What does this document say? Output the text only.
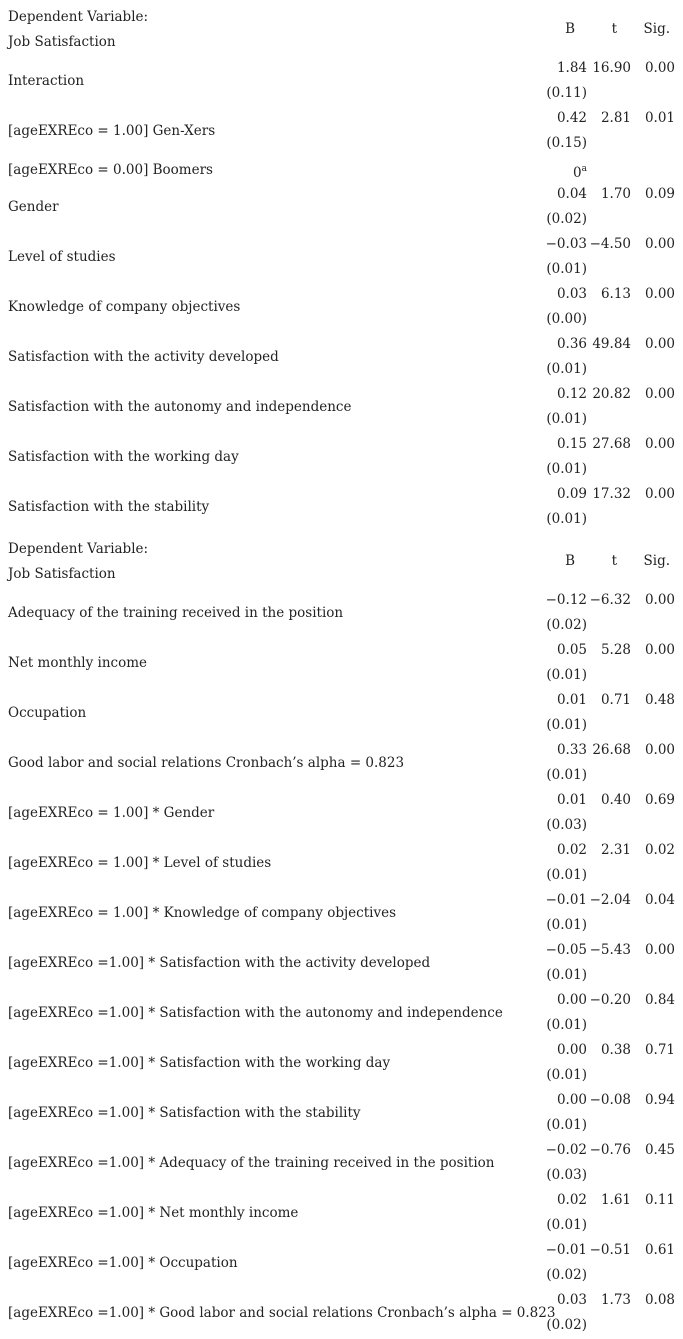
Dependent Variable:
Job Satisfaction
B	t Sig.
Interaction
1.84 16.90 0.00
(0.11)
[ageEXREco = 1.00] Gen-Xers
0.42 2.81 0.01
(0.15)
[ageEXREco = 0.00] Boomers	0$^a$
Gender
0.04 1.70 0.09
(0.02)
Level of studies
−0.03 −4.50 0.00
(0.01)
Knowledge of company objectives
0.03 6.13 0.00
(0.00)
Satisfaction with the activity developed
0.36 49.84 0.00
(0.01)
Satisfaction with the autonomy and independence
0.12 20.82 0.00
(0.01)
Satisfaction with the working day
0.15 27.68 0.00
(0.01)
Satisfaction with the stability
0.09 17.32 0.00
(0.01)
Dependent Variable:
Job Satisfaction
B	t Sig.
Adequacy of the training received in the position
−0.12 −6.32 0.00
(0.02)
Net monthly income
0.05 5.28 0.00
(0.01)
Occupation
0.01 0.71 0.48
(0.01)
Good labor and social relations Cronbach’s alpha = 0.823
0.33 26.68 0.00
(0.01)
[ageEXREco = 1.00] * Gender
0.01 0.40 0.69
(0.03)
[ageEXREco = 1.00] * Level of studies
0.02 2.31 0.02
(0.01)
[ageEXREco = 1.00] * Knowledge of company objectives
−0.01 −2.04 0.04
(0.01)
[ageEXREco =1.00] * Satisfaction with the activity developed
−0.05 −5.43 0.00
(0.01)
[ageEXREco =1.00] * Satisfaction with the autonomy and independence
0.00 −0.20 0.84
(0.01)
[ageEXREco =1.00] * Satisfaction with the working day
0.00 0.38 0.71
(0.01)
[ageEXREco =1.00] * Satisfaction with the stability
0.00 −0.08 0.94
(0.01)
[ageEXREco =1.00] * Adequacy of the training received in the position
−0.02 −0.76 0.45
(0.03)
[ageEXREco =1.00] * Net monthly income
0.02 1.61 0.11
(0.01)
[ageEXREco =1.00] * Occupation
−0.01 −0.51 0.61
(0.02)
[ageEXREco =1.00] * Good labor and social relations Cronbach’s alpha = 0.823
0.03 1.73 0.08
(0.02)
